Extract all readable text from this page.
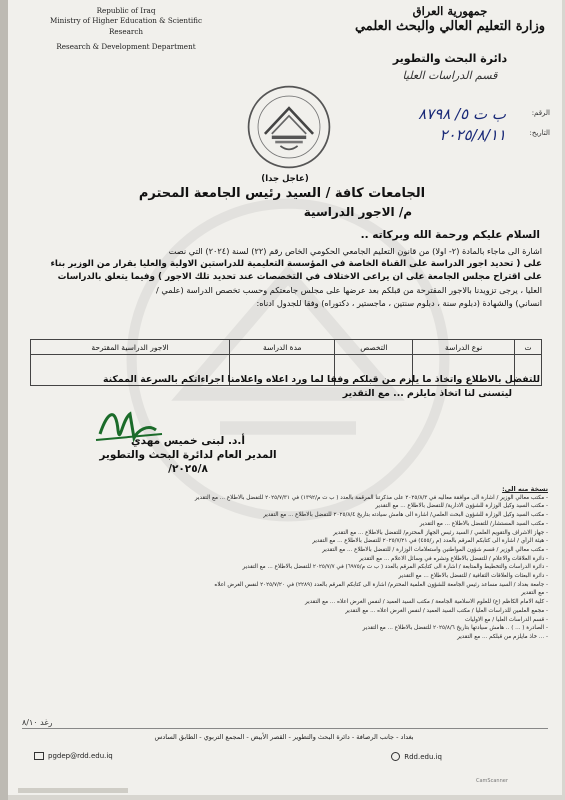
Republic of Iraq
Ministry of Higher Education & Scientific
Research
Research & Development Department
جمهورية العراق
وزارة التعليم العالي والبحث العلمي
دائرة البحث والتطوير
قسم الدراسات العليا
الرقم:
ب ت ٥/ ٨٧٩٨
التاريخ:
٢٠٢٥/٨/١١
(عاجل جدا)
الجامعات كافة / السيد رئيس الجامعة المحترم
م/ الاجور الدراسية
السلام عليكم ورحمة الله وبركاته ..
اشارة الى ماجاء بالمادة (٢- اولا) من قانون التعليم الجامعي الحكومي الخاص رقم (٢٢) لسنة (٢٠٢٤) التي نصت
على ( تحديد اجور الدراسة على القناة الخاصة في المؤسسة التعليمية للدراستين الاولية والعليا بقرار من الوزير بناء
على اقتراح مجلس الجامعة على ان يراعى الاختلاف في التخصصات عند تحديد تلك الاجور ) وفيما يتعلق بالدراسات
العليا ، يرجى تزويدنا بالاجور المقترحة من قبلكم بعد عرضها على مجلس جامعتكم وحسب تخصص الدراسة (علمي /
انساني) والشهادة (دبلوم سنة ، دبلوم سنتين ، ماجستير ، دكتوراه) وفقا للجدول ادناه:
ت	نوع الدراسة	التخصص	مدة الدراسة	الاجور الدراسية المقترحة

للتفضل بالاطلاع واتخاذ ما يلزم من قبلكم وفقا لما ورد اعلاه واعلامنا اجراءاتكم بالسرعة الممكنة
ليتسنى لنا اتخاذ مايلزم ... مع التقدير
أ.د. لبنى خميس مهدي
المدير العام لدائرة البحث والتطوير
٢٠٢٥/٨/
نسخة منه الى:
- مكتب معالي الوزير / اشارة الى موافقة معاليه في ٢٠٢٥/٨/٣ على مذكرتنا المرقمة بالعدد ( ب ت م/١٣٩٢) في ٢٠٢٥/٧/٣١ للتفضل بالاطلاع ... مع التقدير
- مكتب السيد وكيل الوزارة للشؤون الادارية/ للتفضل بالاطلاع ... مع التقدير
- مكتب السيد وكيل الوزارة للشؤون البحث العلمي/ اشارة الى هامش سيادته بتاريخ ٢٠٢٥/٨/٤ للتفضل بالاطلاع ... مع التقدير
- مكتب السيد المستشار/ للتفضل بالاطلاع ... مع التقدير
- جهاز الاشراف والتقويم العلمي / السيد رئيس الجهاز المحترم/ للتفضل بالاطلاع ... مع التقدير
- هيئة الرأي / اشارة الى كتابكم المرقم بالعدد (م ر/٤٥٥) في ٢٠٢٥/٧/٢١ للتفضل بالاطلاع ... مع التقدير
- مكتب معالي الوزير / قسم شؤون المواطنين واستعلامات الوزارة / للتفضل بالاطلاع ... مع التقدير
- دائرة العلاقات والاعلام / للتفضل بالاطلاع ونشره في وسائل الاعلام ... مع التقدير
- دائرة الدراسات والتخطيط والمتابعة / اشارة الى كتابكم المرقم بالعدد ( ب ت م/٦٩٧٥) في ٢٠٢٥/٧/٧ للتفضل بالاطلاع ... مع التقدير
- دائرة البعثات والعلاقات الثقافية / للتفضل بالاطلاع ... مع التقدير
- جامعة بغداد / السيد مساعد رئيس الجامعة للشؤون العلمية المحترم/ اشارة الى كتابكم المرقم بالعدد (٢٢٨٩) في ٢٠٢٥/٧/٢٠ لنفس الغرض اعلاه
- مع التقدير
- كلية الامام الكاظم (ع) للعلوم الاسلامية الجامعة / مكتب السيد العميد / لنفس الغرض اعلاه ... مع التقدير
- مجمع العلمين للدراسات العليا / مكتب السيد العميد / لنفس الغرض اعلاه ... مع التقدير
- قسم الدراسات العليا / مع الاوليات
- الصادرة ( ... ) .. هامش سيادتها بتاريخ ٢٠٢٥/٨/٦ للتفضل بالاطلاع ... مع التقدير
- ... خاذ مايلزم من قبلكم ... مع التقدير
رغد ٨/١٠
بغداد - جانب الرصافة - دائرة البحث والتطوير - القصر الأبيض - المجمع التربوي - الطابق السادس
pgdep@rdd.edu.iq	Rdd.edu.iq
CamScanner
